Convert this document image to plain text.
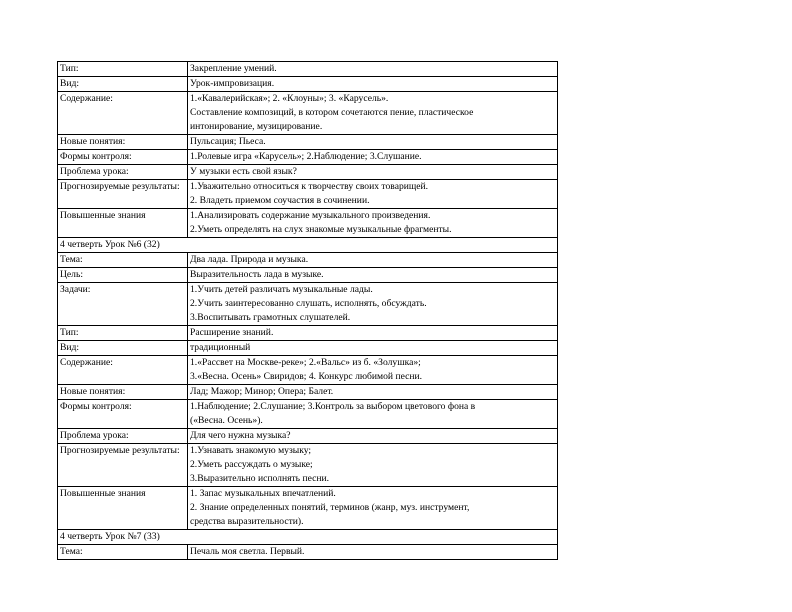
Тип:	Закрепление умений.

Вид:	Урок-импровизация.

Содержание:	1.«Кавалерийская»; 2. «Клоуны»; 3. «Карусель».
Составление композиций, в котором сочетаются пение, пластическое
интонирование, музицирование.

Новые понятия:	Пульсация; Пьеса.

Формы контроля:	1.Ролевые игра «Карусель»; 2.Наблюдение; 3.Слушание.

Проблема урока:	У музыки есть свой язык?

Прогнозируемые результаты:	1.Уважительно относиться к творчеству своих товарищей.
2. Владеть приемом соучастия в сочинении.

Повышенные знания	1.Анализировать содержание музыкального произведения.
2.Уметь определять на слух знакомые музыкальные фрагменты.

4 четверть Урок №6 (32)	
Тема:	Два лада. Природа и музыка.

Цель:	Выразительность лада в музыке.

Задачи:	1.Учить детей различать музыкальные лады.
2.Учить заинтересованно слушать, исполнять, обсуждать.
3.Воспитывать грамотных слушателей.

Тип:	Расширение знаний.

Вид:	традиционный

Содержание:	1.«Рассвет на Москве-реке»; 2.«Вальс» из б. «Золушка»;
3.«Весна. Осень» Свиридов; 4. Конкурс любимой песни.

Новые понятия:	Лад; Мажор; Минор; Опера; Балет.

Формы контроля:	1.Наблюдение; 2.Слушание; 3.Контроль за выбором цветового фона в
(«Весна. Осень»).

Проблема урока:	Для чего нужна музыка?

Прогнозируемые результаты:	1.Узнавать знакомую музыку;
2.Уметь рассуждать о музыке;
3.Выразительно исполнять песни.

Повышенные знания	1. Запас музыкальных впечатлений.
2. Знание определенных понятий, терминов (жанр, муз. инструмент,
средства выразительности).

4 четверть Урок №7 (33)	
Тема:	Печаль моя светла. Первый.
